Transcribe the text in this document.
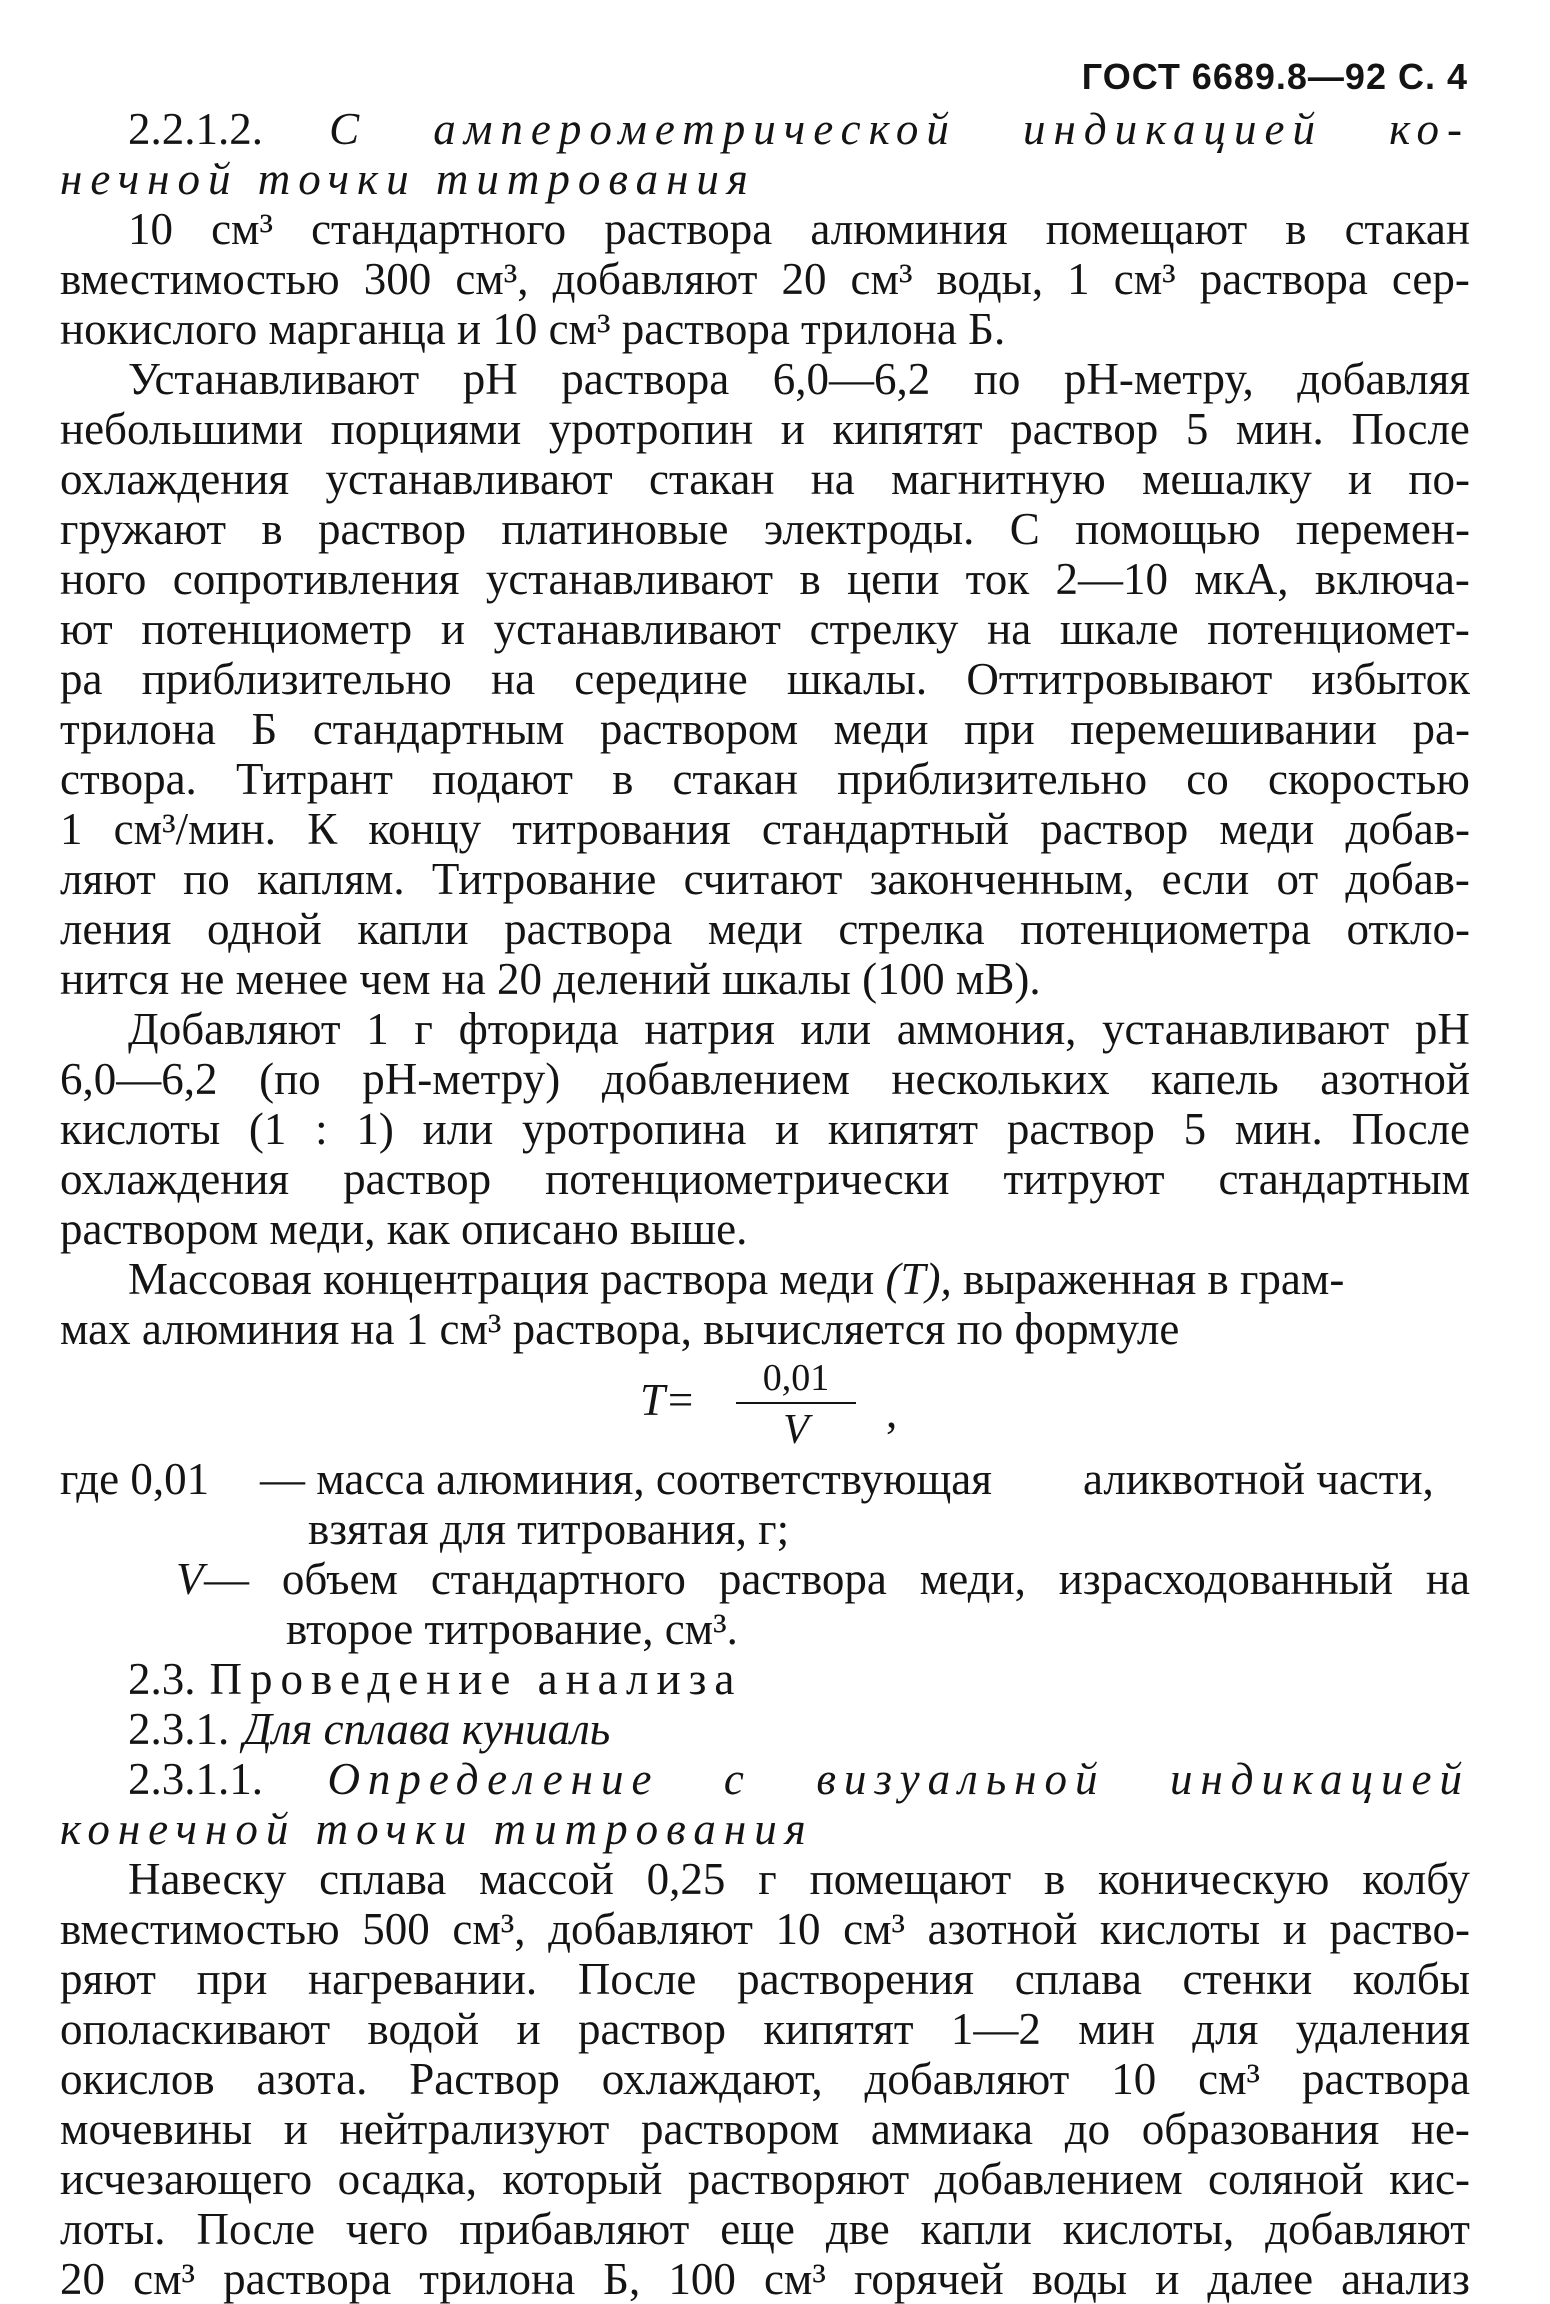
ГОСТ 6689.8—92 С. 4
2.2.1.2. С амперометрической индикацией ко-
нечной точки титрования
10 см³ стандартного раствора алюминия помещают в стакан
вместимостью 300 см³, добавляют 20 см³ воды, 1 см³ раствора сер-
нокислого марганца и 10 см³ раствора трилона Б.
Устанавливают pH раствора 6,0—6,2 по pH-метру, добавляя
небольшими порциями уротропин и кипятят раствор 5 мин. После
охлаждения устанавливают стакан на магнитную мешалку и по-
гружают в раствор платиновые электроды. С помощью перемен-
ного сопротивления устанавливают в цепи ток 2—10 мкА, включа-
ют потенциометр и устанавливают стрелку на шкале потенциомет-
ра приблизительно на середине шкалы. Оттитровывают избыток
трилона Б стандартным раствором меди при перемешивании ра-
створа. Титрант подают в стакан приблизительно со скоростью
1 см³/мин. К концу титрования стандартный раствор меди добав-
ляют по каплям. Титрование считают законченным, если от добав-
ления одной капли раствора меди стрелка потенциометра откло-
нится не менее чем на 20 делений шкалы (100 мВ).
Добавляют 1 г фторида натрия или аммония, устанавливают pH
6,0—6,2 (по pH-метру) добавлением нескольких капель азотной
кислоты (1 : 1) или уротропина и кипятят раствор 5 мин. После
охлаждения раствор потенциометрически титруют стандартным
раствором меди, как описано выше.
Массовая концентрация раствора меди (T), выраженная в грам-
мах алюминия на 1 см³ раствора, вычисляется по формуле
T=	0,01
V	,
где 0,01 — масса алюминия, соответствующая аликвотной части,
взятая для титрования, г;
V — объем стандартного раствора меди, израсходованный на
второе титрование, см³.
2.3. Проведение анализа
2.3.1. Для сплава куниаль
2.3.1.1. Определение с визуальной индикацией
конечной точки титрования
Навеску сплава массой 0,25 г помещают в коническую колбу
вместимостью 500 см³, добавляют 10 см³ азотной кислоты и раство-
ряют при нагревании. После растворения сплава стенки колбы
ополаскивают водой и раствор кипятят 1—2 мин для удаления
окислов азота. Раствор охлаждают, добавляют 10 см³ раствора
мочевины и нейтрализуют раствором аммиака до образования не-
исчезающего осадка, который растворяют добавлением соляной кис-
лоты. После чего прибавляют еще две капли кислоты, добавляют
20 см³ раствора трилона Б, 100 см³ горячей воды и далее анализ
